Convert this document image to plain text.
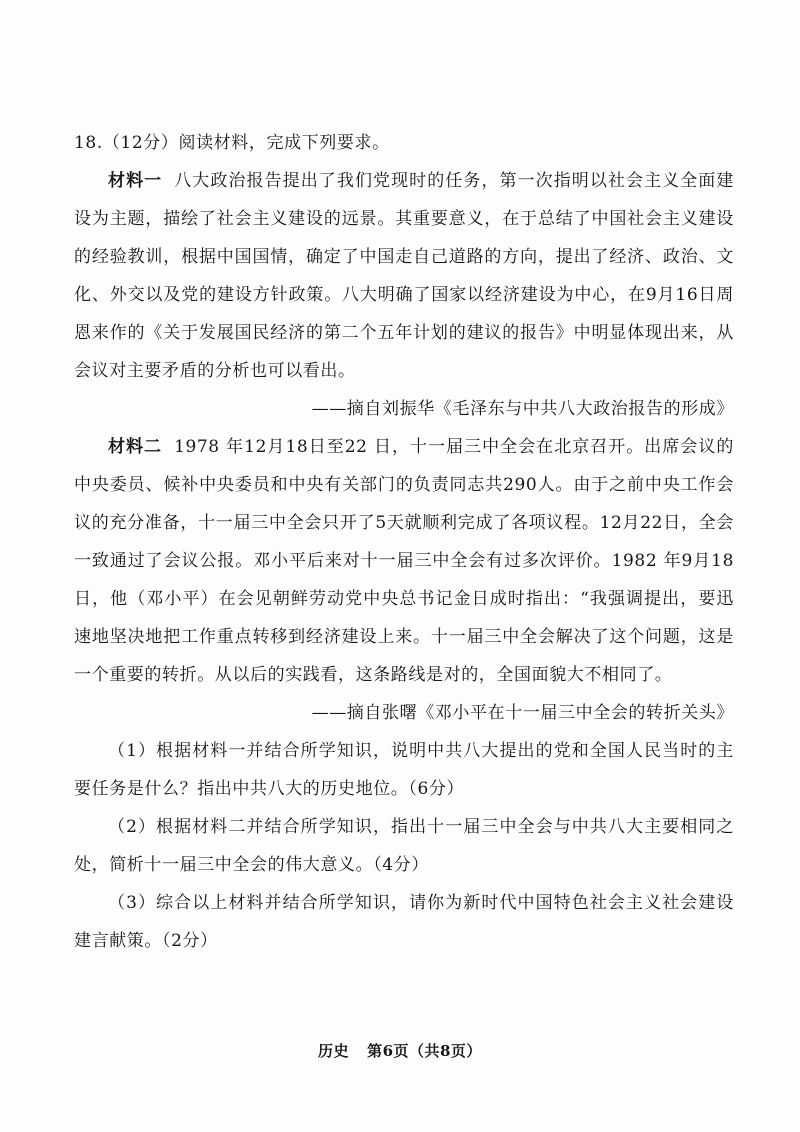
18.（12分）阅读材料，完成下列要求。

材料一 八大政治报告提出了我们党现时的任务，第一次指明以社会主义全面建设为主题，描绘了社会主义建设的远景。其重要意义，在于总结了中国社会主义建设的经验教训，根据中国国情，确定了中国走自己道路的方向，提出了经济、政治、文化、外交以及党的建设方针政策。八大明确了国家以经济建设为中心，在9月16日周恩来作的《关于发展国民经济的第二个五年计划的建议的报告》中明显体现出来，从会议对主要矛盾的分析也可以看出。

——摘自刘振华《毛泽东与中共八大政治报告的形成》

材料二 1978 年12月18日至22 日，十一届三中全会在北京召开。出席会议的中央委员、候补中央委员和中央有关部门的负责同志共290人。由于之前中央工作会议的充分准备，十一届三中全会只开了5天就顺利完成了各项议程。12月22日，全会一致通过了会议公报。邓小平后来对十一届三中全会有过多次评价。1982 年9月18日，他（邓小平）在会见朝鲜劳动党中央总书记金日成时指出：“我强调提出，要迅速地坚决地把工作重点转移到经济建设上来。十一届三中全会解决了这个问题，这是一个重要的转折。从以后的实践看，这条路线是对的，全国面貌大不相同了。

——摘自张曙《邓小平在十一届三中全会的转折关头》

（1）根据材料一并结合所学知识，说明中共八大提出的党和全国人民当时的主要任务是什么？指出中共八大的历史地位。（6分）

（2）根据材料二并结合所学知识，指出十一届三中全会与中共八大主要相同之处，简析十一届三中全会的伟大意义。（4分）

（3）综合以上材料并结合所学知识，请你为新时代中国特色社会主义社会建设建言献策。（2分）

历史 第6页（共8页）
